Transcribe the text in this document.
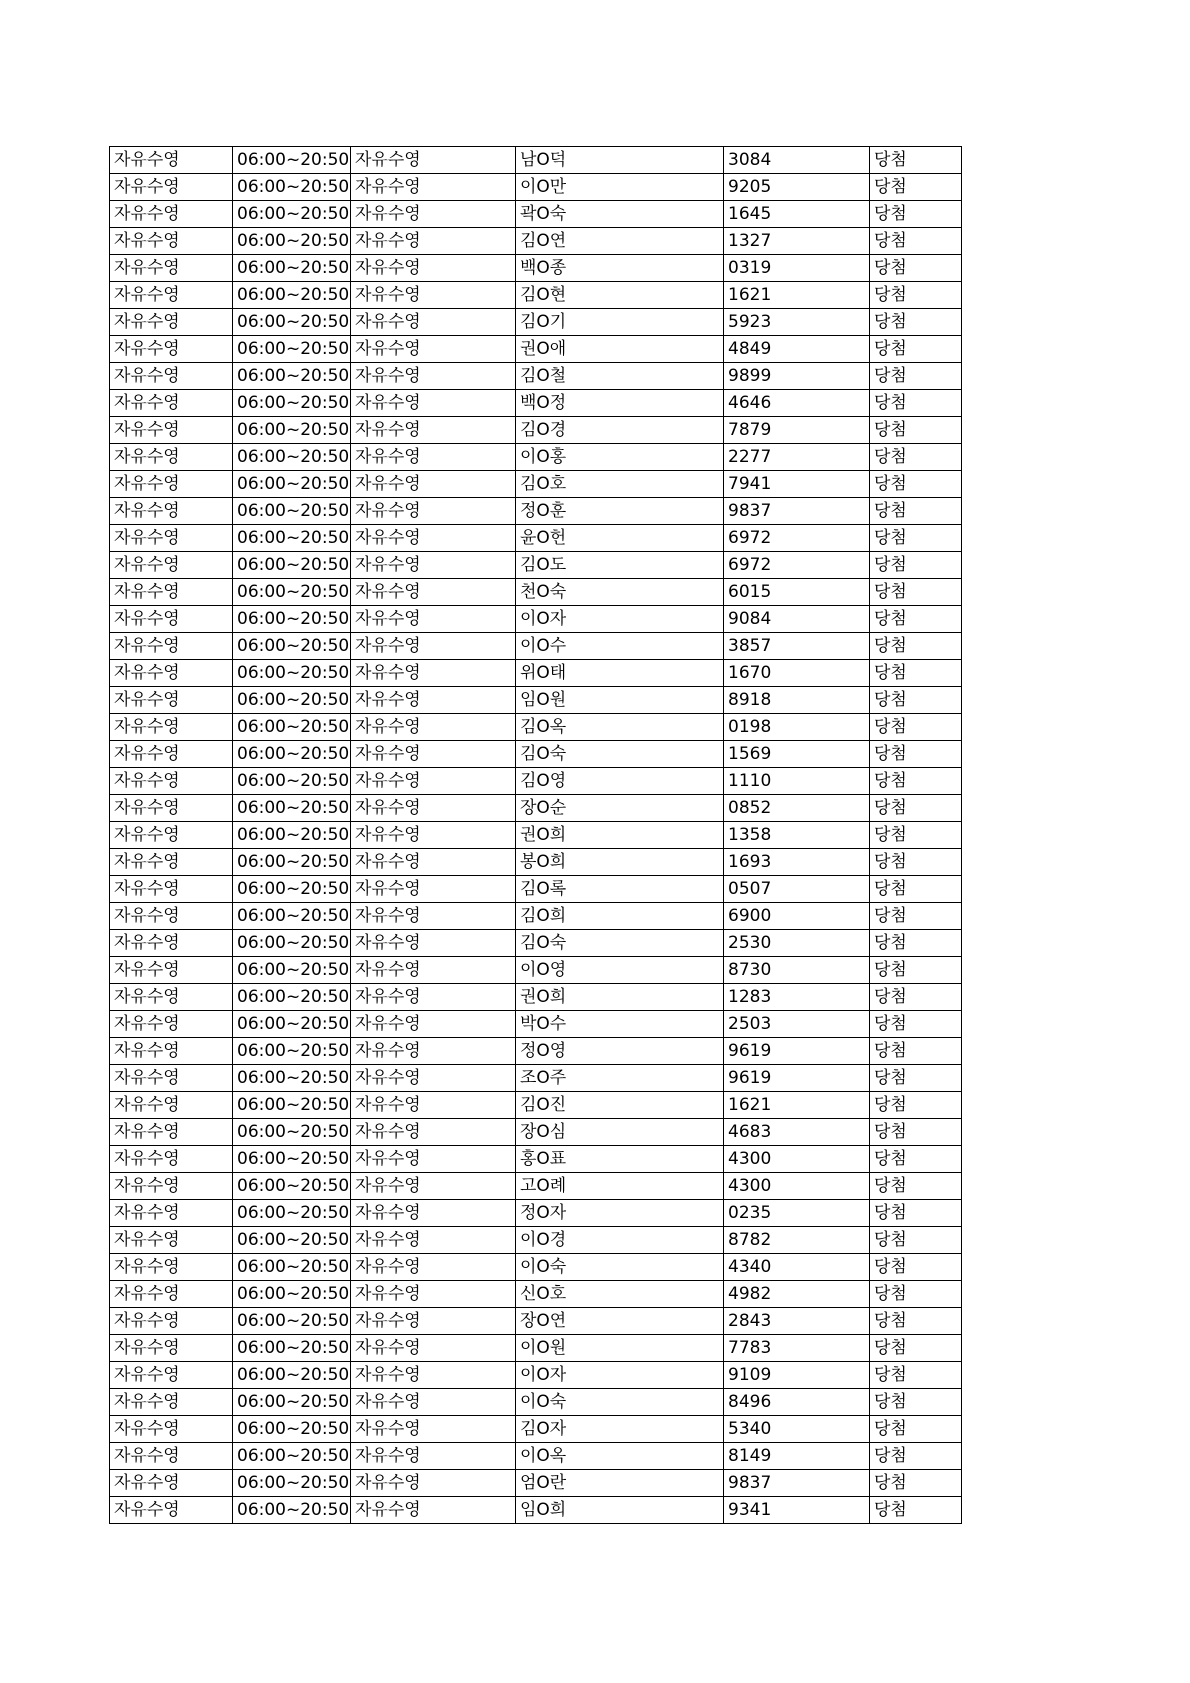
자유수영	06:00~20:50	자유수영	남O덕	3084	당첨
자유수영	06:00~20:50	자유수영	이O만	9205	당첨
자유수영	06:00~20:50	자유수영	곽O숙	1645	당첨
자유수영	06:00~20:50	자유수영	김O연	1327	당첨
자유수영	06:00~20:50	자유수영	백O종	0319	당첨
자유수영	06:00~20:50	자유수영	김O현	1621	당첨
자유수영	06:00~20:50	자유수영	김O기	5923	당첨
자유수영	06:00~20:50	자유수영	권O애	4849	당첨
자유수영	06:00~20:50	자유수영	김O철	9899	당첨
자유수영	06:00~20:50	자유수영	백O정	4646	당첨
자유수영	06:00~20:50	자유수영	김O경	7879	당첨
자유수영	06:00~20:50	자유수영	이O홍	2277	당첨
자유수영	06:00~20:50	자유수영	김O호	7941	당첨
자유수영	06:00~20:50	자유수영	정O훈	9837	당첨
자유수영	06:00~20:50	자유수영	윤O헌	6972	당첨
자유수영	06:00~20:50	자유수영	김O도	6972	당첨
자유수영	06:00~20:50	자유수영	천O숙	6015	당첨
자유수영	06:00~20:50	자유수영	이O자	9084	당첨
자유수영	06:00~20:50	자유수영	이O수	3857	당첨
자유수영	06:00~20:50	자유수영	위O태	1670	당첨
자유수영	06:00~20:50	자유수영	임O원	8918	당첨
자유수영	06:00~20:50	자유수영	김O옥	0198	당첨
자유수영	06:00~20:50	자유수영	김O숙	1569	당첨
자유수영	06:00~20:50	자유수영	김O영	1110	당첨
자유수영	06:00~20:50	자유수영	장O순	0852	당첨
자유수영	06:00~20:50	자유수영	권O희	1358	당첨
자유수영	06:00~20:50	자유수영	봉O희	1693	당첨
자유수영	06:00~20:50	자유수영	김O록	0507	당첨
자유수영	06:00~20:50	자유수영	김O희	6900	당첨
자유수영	06:00~20:50	자유수영	김O숙	2530	당첨
자유수영	06:00~20:50	자유수영	이O영	8730	당첨
자유수영	06:00~20:50	자유수영	권O희	1283	당첨
자유수영	06:00~20:50	자유수영	박O수	2503	당첨
자유수영	06:00~20:50	자유수영	정O영	9619	당첨
자유수영	06:00~20:50	자유수영	조O주	9619	당첨
자유수영	06:00~20:50	자유수영	김O진	1621	당첨
자유수영	06:00~20:50	자유수영	장O심	4683	당첨
자유수영	06:00~20:50	자유수영	홍O표	4300	당첨
자유수영	06:00~20:50	자유수영	고O례	4300	당첨
자유수영	06:00~20:50	자유수영	정O자	0235	당첨
자유수영	06:00~20:50	자유수영	이O경	8782	당첨
자유수영	06:00~20:50	자유수영	이O숙	4340	당첨
자유수영	06:00~20:50	자유수영	신O호	4982	당첨
자유수영	06:00~20:50	자유수영	장O연	2843	당첨
자유수영	06:00~20:50	자유수영	이O원	7783	당첨
자유수영	06:00~20:50	자유수영	이O자	9109	당첨
자유수영	06:00~20:50	자유수영	이O숙	8496	당첨
자유수영	06:00~20:50	자유수영	김O자	5340	당첨
자유수영	06:00~20:50	자유수영	이O옥	8149	당첨
자유수영	06:00~20:50	자유수영	엄O란	9837	당첨
자유수영	06:00~20:50	자유수영	임O희	9341	당첨
